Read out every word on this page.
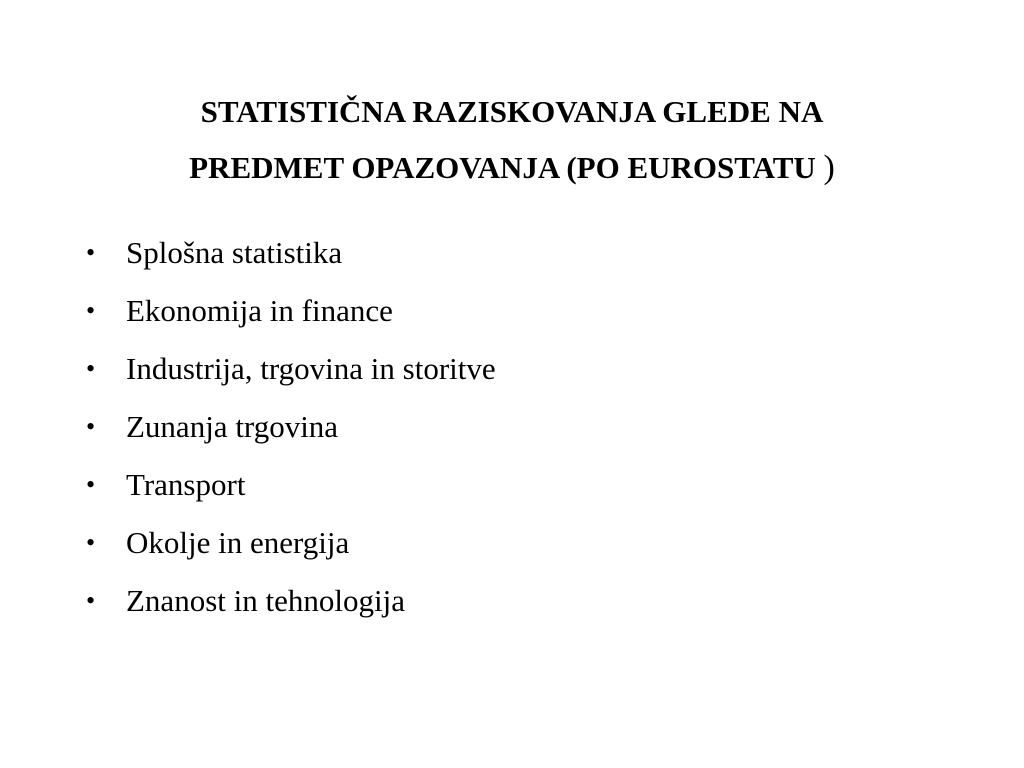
STATISTIČNA RAZISKOVANJA GLEDE NA
PREDMET OPAZOVANJA (PO EUROSTATU )
• Splošna statistika
• Ekonomija in finance
• Industrija, trgovina in storitve
• Zunanja trgovina
• Transport
• Okolje in energija
• Znanost in tehnologija
